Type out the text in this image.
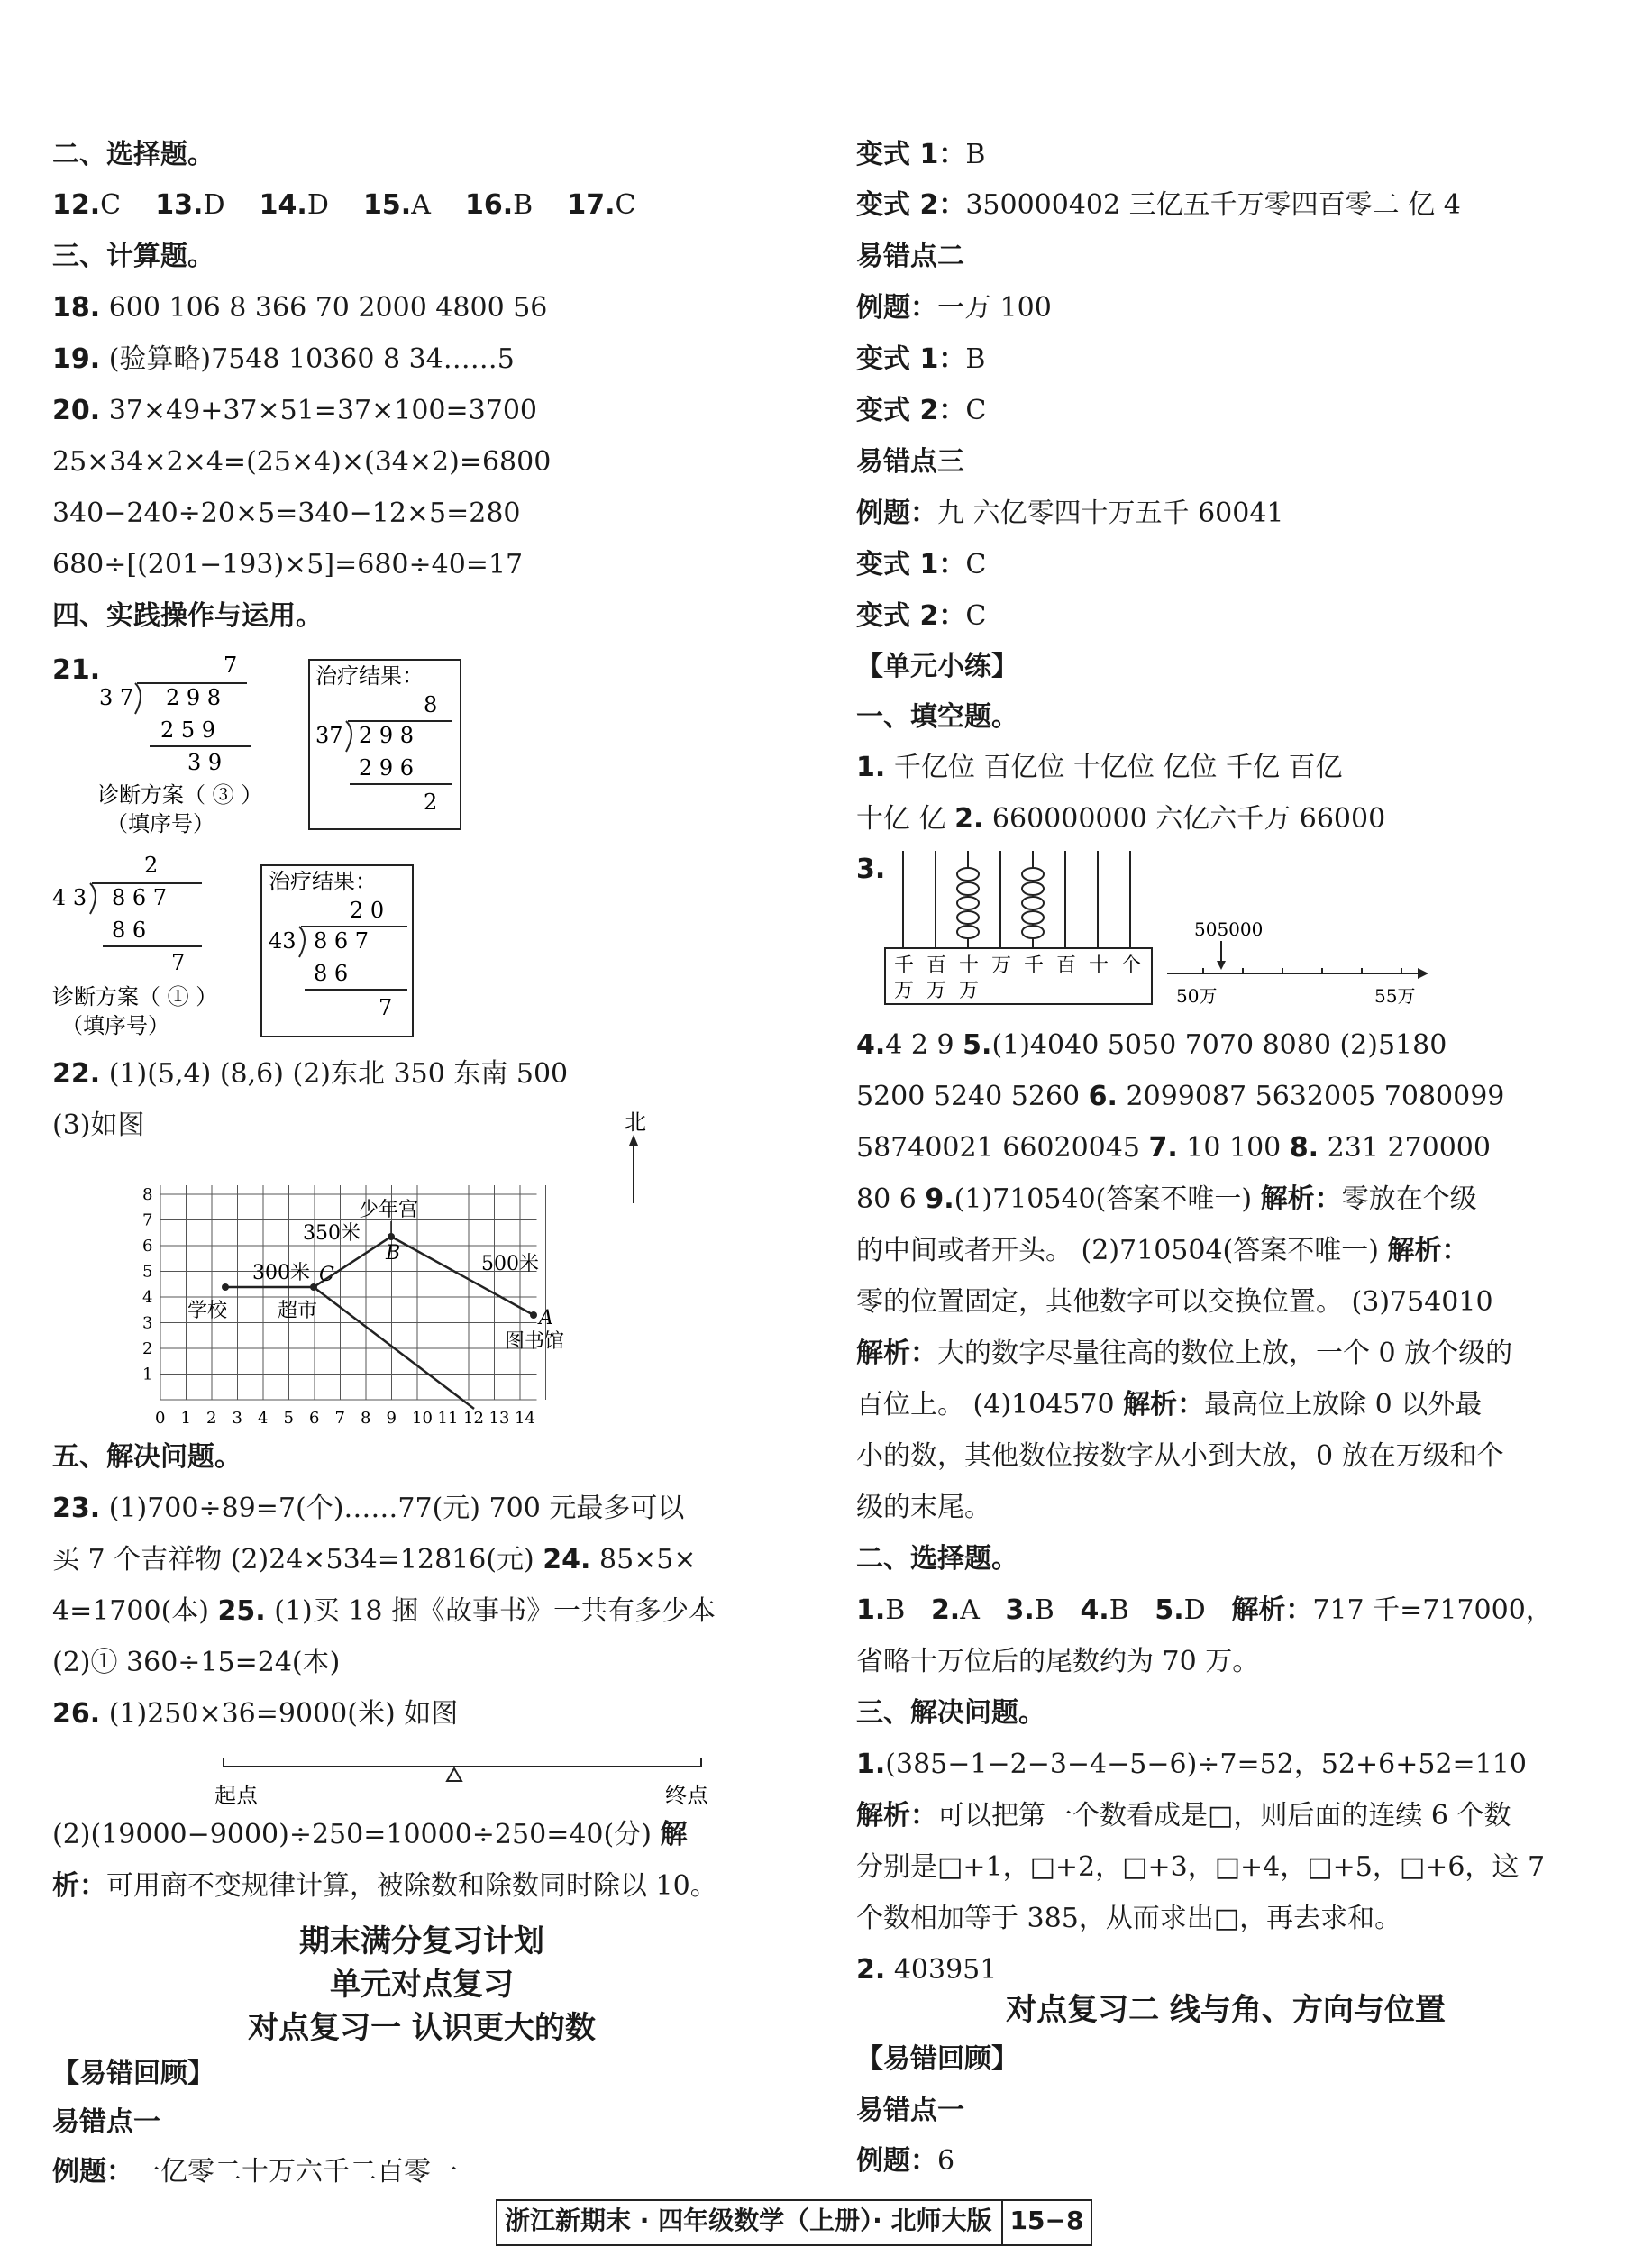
二、选择题。
12.C 13.D 14.D 15.A 16.B 17.C
三、计算题。
18. 600 106 8 366 70 2000 4800 56
19. (验算略)7548 10360 8 34……5
20. 37×49+37×51=37×100=3700
25×34×2×4=(25×4)×(34×2)=6800
340−240÷20×5=340−12×5=280
680÷[(201−193)×5]=680÷40=17
四、实践操作与运用。
21.	7
3 7 2 9 8
2 5 9
3 9
诊断方案（ ③ ）
（填序号）
治疗结果：
8
37 2 9 8
2 9 6
2
2
4 3 8 6 7
8 6
7
诊断方案（ ① ）
（填序号）
治疗结果：
2 0
43 8 6 7
8 6
7
22. (1)(5,4) (8,6) (2)东北 350 东南 500
(3)如图	北
少年宫
350米
300米	500米
学校	超市
图书馆
B
C
A
1
2
3
4
5
6
7
8
0 1 2 3 4 5 6 7 8 9 10 11 12 13 14
五、解决问题。
23. (1)700÷89=7(个)……77(元) 700 元最多可以
买 7 个吉祥物 (2)24×534=12816(元) 24. 85×5×
4=1700(本) 25. (1)买 18 捆《故事书》一共有多少本
(2)① 360÷15=24(本)
26. (1)250×36=9000(米) 如图
起点	终点
(2)(19000−9000)÷250=10000÷250=40(分) 解
析：可用商不变规律计算，被除数和除数同时除以 10。
期末满分复习计划
单元对点复习
对点复习一 认识更大的数
【易错回顾】
易错点一
例题：一亿零二十万六千二百零一
变式 1：B
变式 2：350000402 三亿五千万零四百零二 亿 4
易错点二
例题：一万 100
变式 1：B
变式 2：C
易错点三
例题：九 六亿零四十万五千 60041
变式 1：C
变式 2：C
【单元小练】
一、填空题。
1. 千亿位 百亿位 十亿位 亿位 千亿 百亿
十亿 亿 2. 660000000 六亿六千万 66000
3.
千 百 十 万 千 百 十 个
万 万 万
505000
50万	55万
4.4 2 9 5.(1)4040 5050 7070 8080 (2)5180
5200 5240 5260 6. 2099087 5632005 7080099
58740021 66020045 7. 10 100 8. 231 270000
80 6 9.(1)710540(答案不唯一) 解析：零放在个级
的中间或者开头。 (2)710504(答案不唯一) 解析：
零的位置固定，其他数字可以交换位置。 (3)754010
解析：大的数字尽量往高的数位上放，一个 0 放个级的
百位上。 (4)104570 解析：最高位上放除 0 以外最
小的数，其他数位按数字从小到大放，0 放在万级和个
级的末尾。
二、选择题。
1.B 2.A 3.B 4.B 5.D 解析：717 千=717000，
省略十万位后的尾数约为 70 万。
三、解决问题。
1.(385−1−2−3−4−5−6)÷7=52，52+6+52=110
解析：可以把第一个数看成是□，则后面的连续 6 个数
分别是□+1，□+2，□+3，□+4，□+5，□+6，这 7
个数相加等于 385，从而求出□，再去求和。
2. 403951
对点复习二 线与角、方向与位置
【易错回顾】
易错点一
例题：6
浙江新期末 · 四年级数学（上册）· 北师大版 15−8
